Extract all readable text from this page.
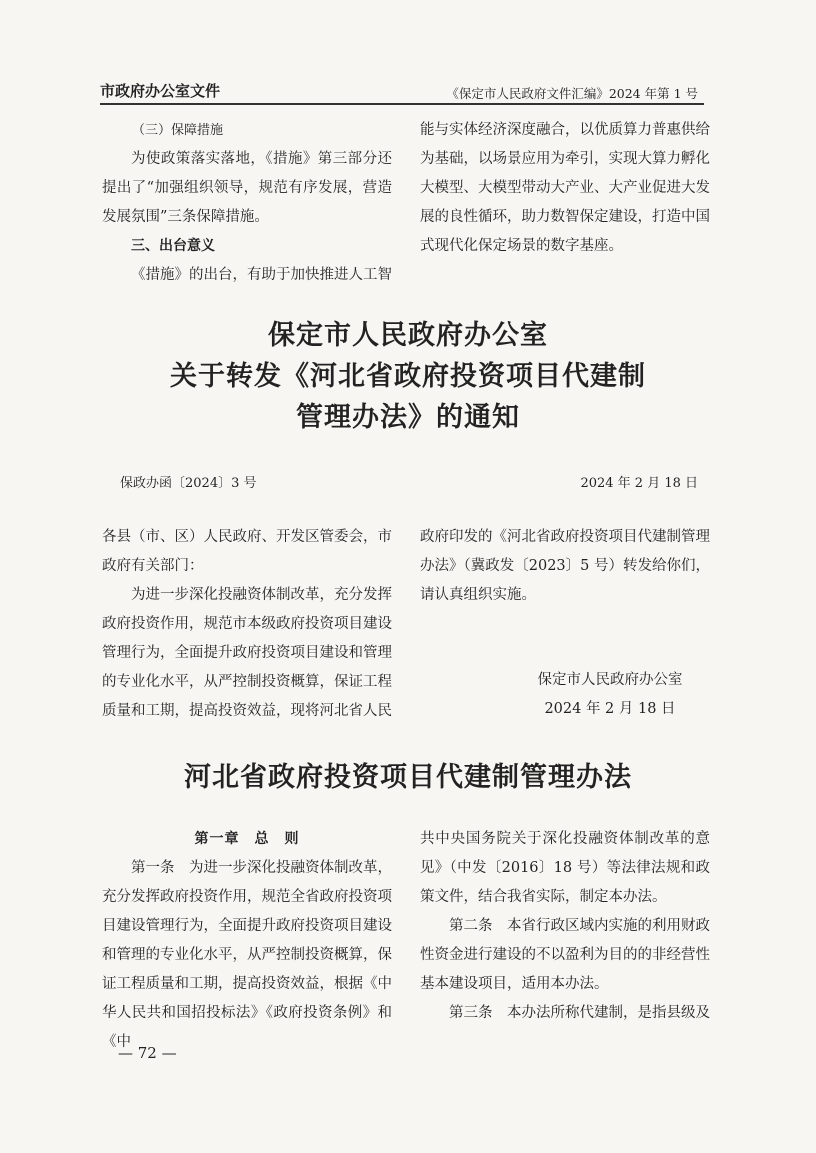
市政府办公室文件	《保定市人民政府文件汇编》2024 年第 1 号

（三）保障措施

为使政策落实落地，《措施》第三部分还提出了“加强组织领导，规范有序发展，营造发展氛围”三条保障措施。

三、出台意义

《措施》的出台，有助于加快推进人工智

能与实体经济深度融合，以优质算力普惠供给为基础，以场景应用为牵引，实现大算力孵化大模型、大模型带动大产业、大产业促进大发展的良性循环，助力数智保定建设，打造中国式现代化保定场景的数字基座。

保定市人民政府办公室
关于转发《河北省政府投资项目代建制
管理办法》的通知
保政办函〔2024〕3 号	2024 年 2 月 18 日

各县（市、区）人民政府、开发区管委会，市政府有关部门：

为进一步深化投融资体制改革，充分发挥政府投资作用，规范市本级政府投资项目建设管理行为，全面提升政府投资项目建设和管理的专业化水平，从严控制投资概算，保证工程质量和工期，提高投资效益，现将河北省人民

政府印发的《河北省政府投资项目代建制管理办法》（冀政发〔2023〕5 号）转发给你们，请认真组织实施。

保定市人民政府办公室
2024 年 2 月 18 日
河北省政府投资项目代建制管理办法

第一章　总　则

第一条　为进一步深化投融资体制改革，充分发挥政府投资作用，规范全省政府投资项目建设管理行为，全面提升政府投资项目建设和管理的专业化水平，从严控制投资概算，保证工程质量和工期，提高投资效益，根据《中华人民共和国招投标法》《政府投资条例》和《中

共中央国务院关于深化投融资体制改革的意见》（中发〔2016〕18 号）等法律法规和政策文件，结合我省实际，制定本办法。

第二条　本省行政区域内实施的利用财政性资金进行建设的不以盈利为目的的非经营性基本建设项目，适用本办法。

第三条　本办法所称代建制，是指县级及

— 72 —
